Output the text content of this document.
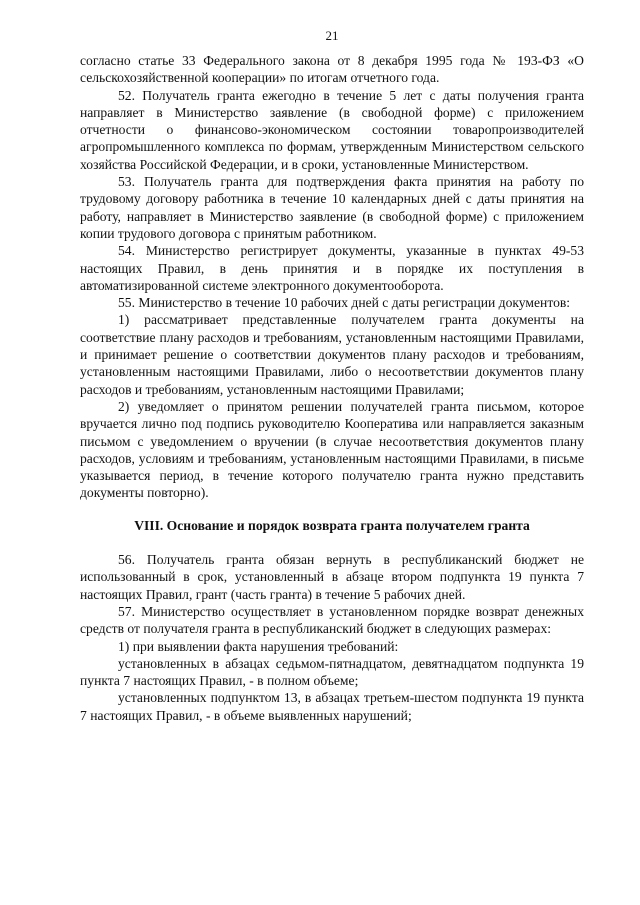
21

согласно статье 33 Федерального закона от 8 декабря 1995 года № 193-ФЗ «О сельскохозяйственной кооперации» по итогам отчетного года.

52. Получатель гранта ежегодно в течение 5 лет с даты получения гранта направляет в Министерство заявление (в свободной форме) с приложением отчетности о финансово-экономическом состоянии товаропроизводителей агропромышленного комплекса по формам, утвержденным Министерством сельского хозяйства Российской Федерации, и в сроки, установленные Министерством.

53. Получатель гранта для подтверждения факта принятия на работу по трудовому договору работника в течение 10 календарных дней с даты принятия на работу, направляет в Министерство заявление (в свободной форме) с приложением копии трудового договора с принятым работником.

54. Министерство регистрирует документы, указанные в пунктах 49-53 настоящих Правил, в день принятия и в порядке их поступления в автоматизированной системе электронного документооборота.

55. Министерство в течение 10 рабочих дней с даты регистрации документов:

1) рассматривает представленные получателем гранта документы на соответствие плану расходов и требованиям, установленным настоящими Правилами, и принимает решение о соответствии документов плану расходов и требованиям, установленным настоящими Правилами, либо о несоответствии документов плану расходов и требованиям, установленным настоящими Правилами;

2) уведомляет о принятом решении получателей гранта письмом, которое вручается лично под подпись руководителю Кооператива или направляется заказным письмом с уведомлением о вручении (в случае несоответствия документов плану расходов, условиям и требованиям, установленным настоящими Правилами, в письме указывается период, в течение которого получателю гранта нужно представить документы повторно).

VIII. Основание и порядок возврата гранта получателем гранта

56. Получатель гранта обязан вернуть в республиканский бюджет не использованный в срок, установленный в абзаце втором подпункта 19 пункта 7 настоящих Правил, грант (часть гранта) в течение 5 рабочих дней.

57. Министерство осуществляет в установленном порядке возврат денежных средств от получателя гранта в республиканский бюджет в следующих размерах:

1) при выявлении факта нарушения требований:

установленных в абзацах седьмом-пятнадцатом, девятнадцатом подпункта 19 пункта 7 настоящих Правил, - в полном объеме;

установленных подпунктом 13, в абзацах третьем-шестом подпункта 19 пункта 7 настоящих Правил, - в объеме выявленных нарушений;
